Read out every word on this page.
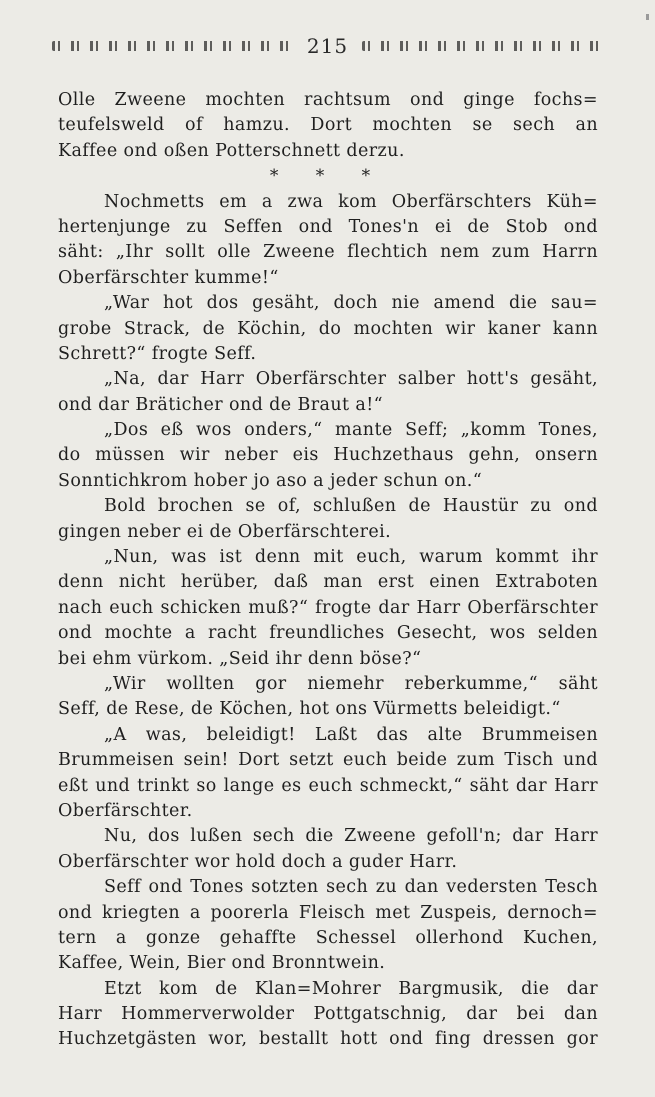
215
Olle Zweene mochten rachtsum ond ginge fochs=
teufelsweld of hamzu. Dort mochten se sech an
Kaffee ond oßen Potterschnett derzu.
* * *
Nochmetts em a zwa kom Oberfärschters Küh=
hertenjunge zu Seffen ond Tones'n ei de Stob ond
säht: „Ihr sollt olle Zweene flechtich nem zum Harrn
Oberfärschter kumme!“
„War hot dos gesäht, doch nie amend die sau=
grobe Strack, de Köchin, do mochten wir kaner kann
Schrett?“ frogte Seff.
„Na, dar Harr Oberfärschter salber hott's gesäht,
ond dar Bräticher ond de Braut a!“
„Dos eß wos onders,“ mante Seff; „komm Tones,
do müssen wir neber eis Huchzethaus gehn, onsern
Sonntichkrom hober jo aso a jeder schun on.“
Bold brochen se of, schlußen de Haustür zu ond
gingen neber ei de Oberfärschterei.
„Nun, was ist denn mit euch, warum kommt ihr
denn nicht herüber, daß man erst einen Extraboten
nach euch schicken muß?“ frogte dar Harr Oberfärschter
ond mochte a racht freundliches Gesecht, wos selden
bei ehm vürkom. „Seid ihr denn böse?“
„Wir wollten gor niemehr reberkumme,“ säht
Seff, de Rese, de Köchen, hot ons Vürmetts beleidigt.“
„A was, beleidigt! Laßt das alte Brummeisen
Brummeisen sein! Dort setzt euch beide zum Tisch und
eßt und trinkt so lange es euch schmeckt,“ säht dar Harr
Oberfärschter.
Nu, dos lußen sech die Zweene gefoll'n; dar Harr
Oberfärschter wor hold doch a guder Harr.
Seff ond Tones sotzten sech zu dan vedersten Tesch
ond kriegten a poorerla Fleisch met Zuspeis, dernoch=
tern a gonze gehaffte Schessel ollerhond Kuchen,
Kaffee, Wein, Bier ond Bronntwein.
Etzt kom de Klan=Mohrer Bargmusik, die dar
Harr Hommerverwolder Pottgatschnig, dar bei dan
Huchzetgästen wor, bestallt hott ond fing dressen gor
